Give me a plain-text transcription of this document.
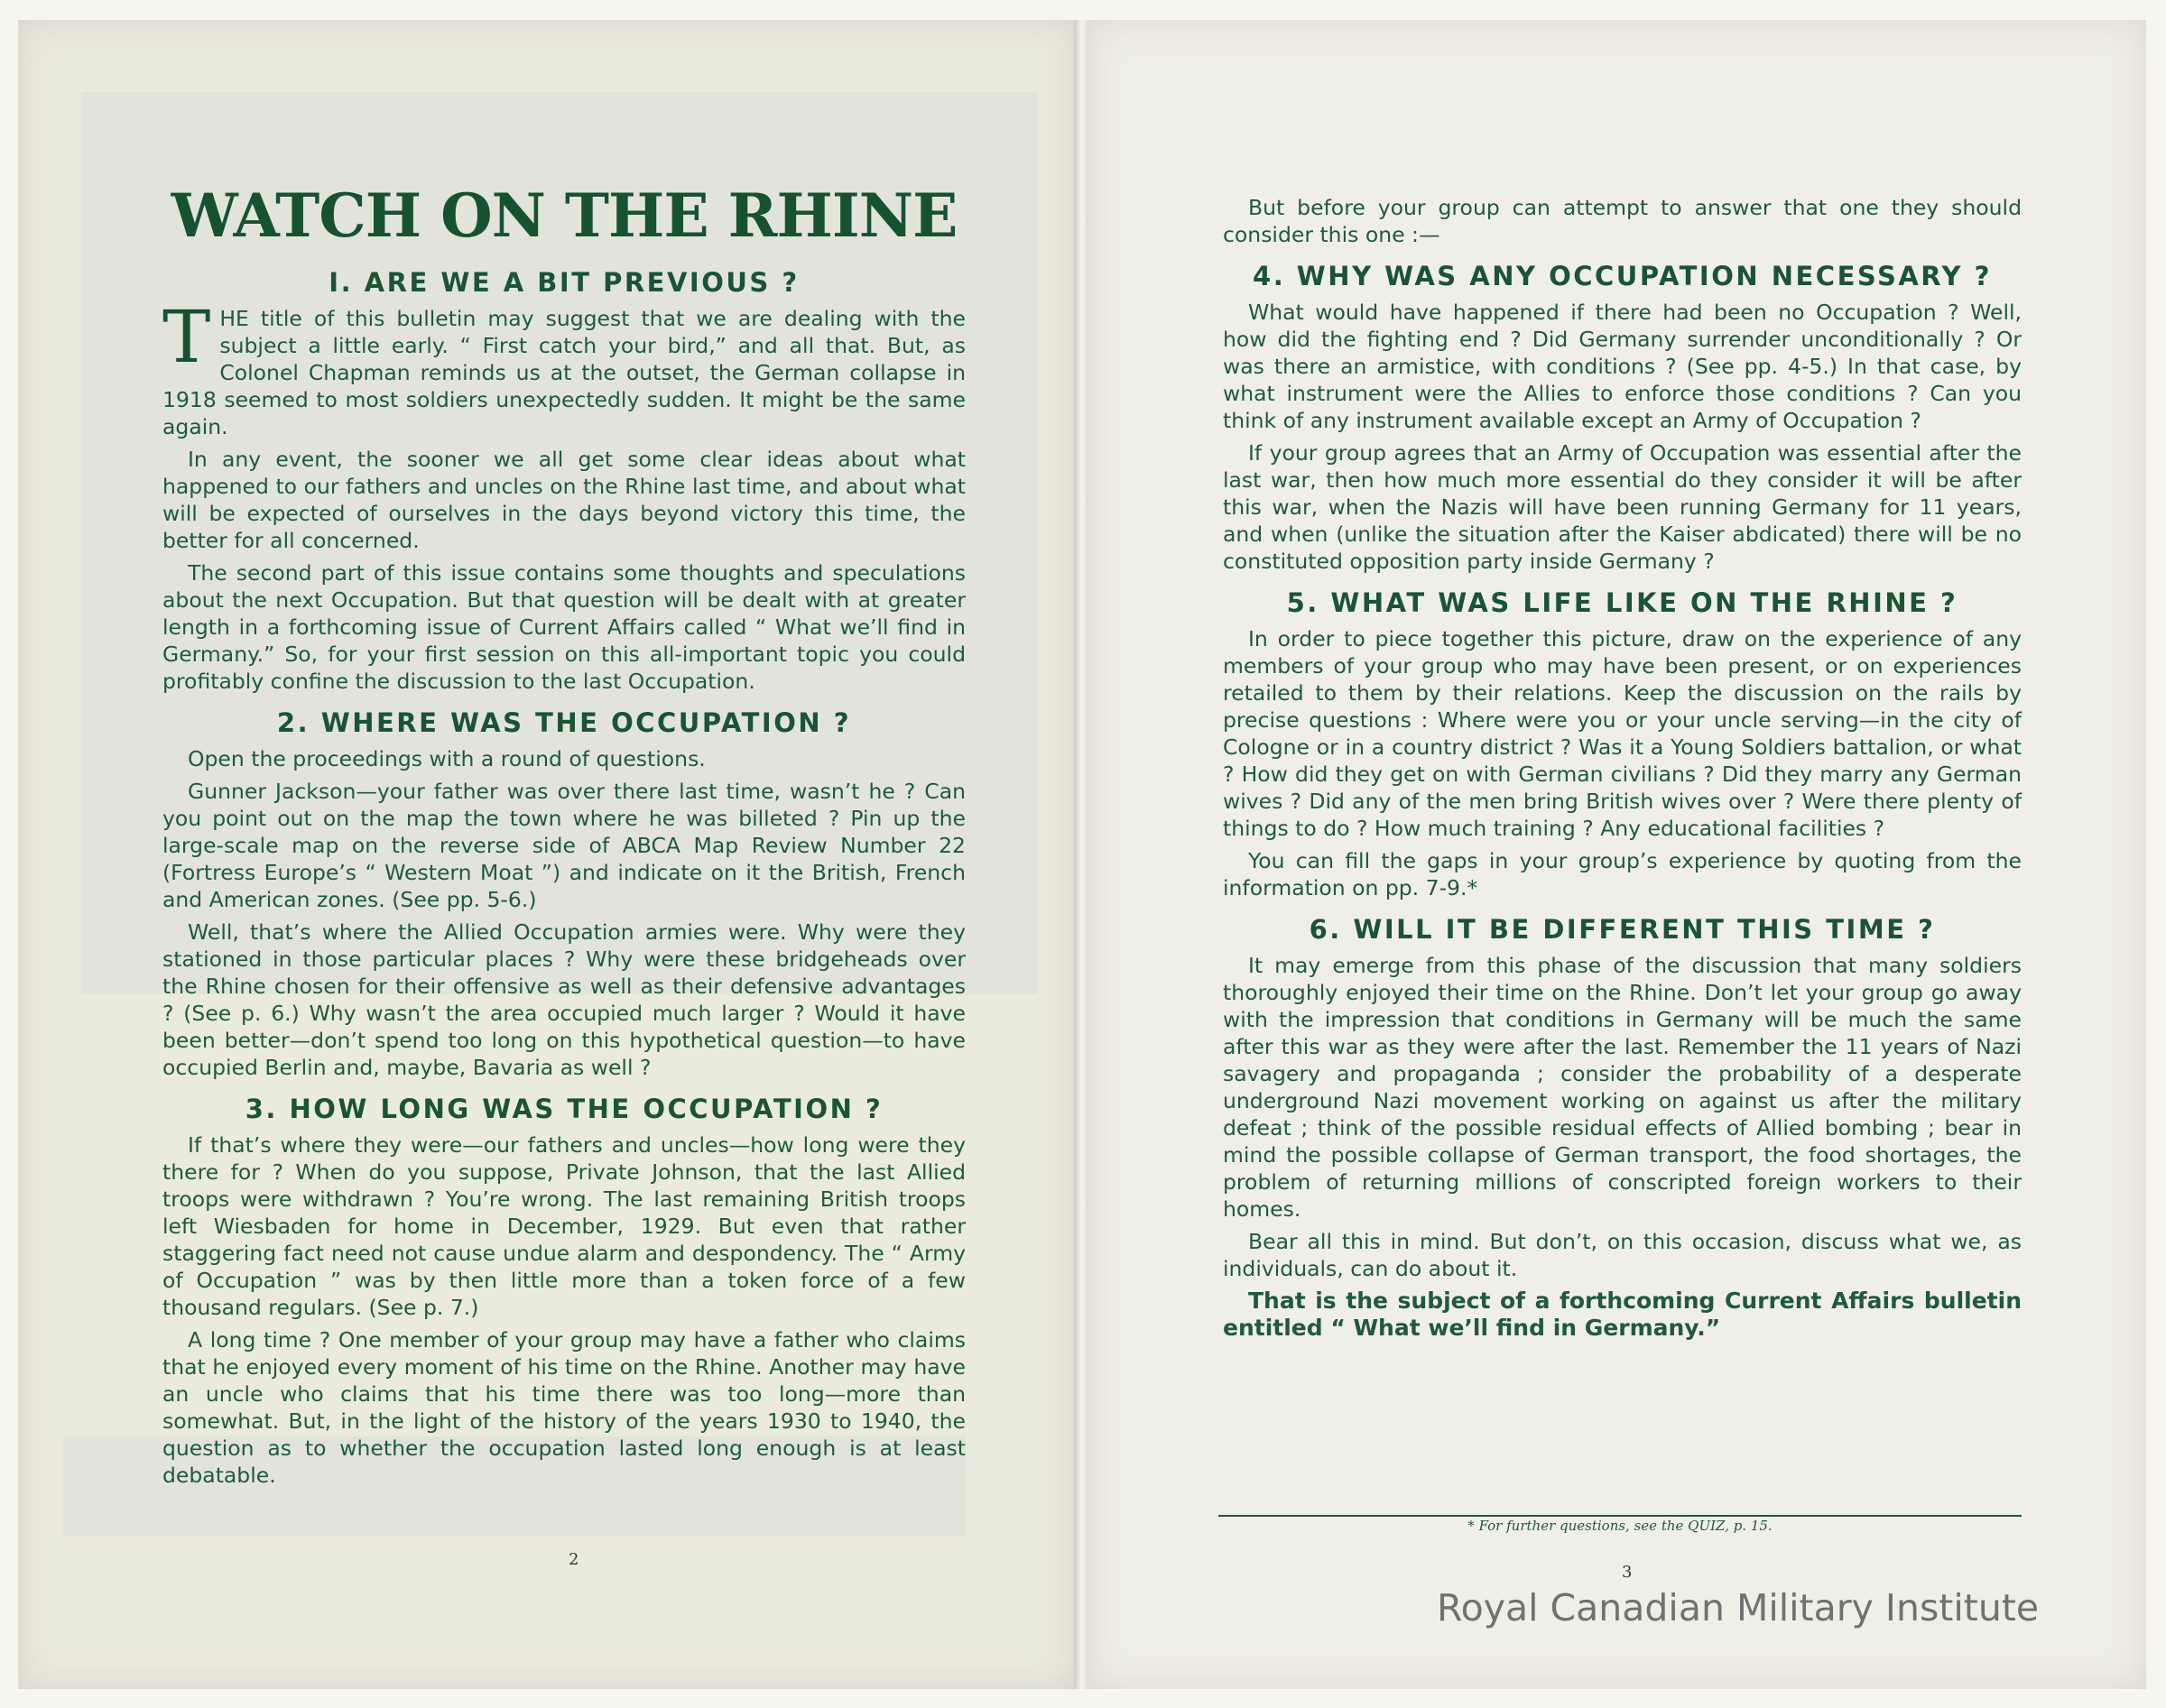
WATCH ON THE RHINE
I. ARE WE A BIT PREVIOUS ?

THE title of this bulletin may suggest that we are dealing with the subject a little early. “ First catch your bird,” and all that. But, as Colonel Chapman reminds us at the outset, the German collapse in 1918 seemed to most soldiers unexpectedly sudden. It might be the same again.

In any event, the sooner we all get some clear ideas about what happened to our fathers and uncles on the Rhine last time, and about what will be expected of ourselves in the days beyond victory this time, the better for all concerned.

The second part of this issue contains some thoughts and speculations about the next Occupation. But that question will be dealt with at greater length in a forthcoming issue of Current Affairs called “ What we’ll find in Germany.” So, for your first session on this all-important topic you could profitably confine the discussion to the last Occupation.

2. WHERE WAS THE OCCUPATION ?

Open the proceedings with a round of questions.

Gunner Jackson—your father was over there last time, wasn’t he ? Can you point out on the map the town where he was billeted ? Pin up the large-scale map on the reverse side of ABCA Map Review Number 22 (Fortress Europe’s “ Western Moat ”) and indicate on it the British, French and American zones. (See pp. 5-6.)

Well, that’s where the Allied Occupation armies were. Why were they stationed in those particular places ? Why were these bridgeheads over the Rhine chosen for their offensive as well as their defensive advantages ? (See p. 6.) Why wasn’t the area occupied much larger ? Would it have been better—don’t spend too long on this hypothetical question—to have occupied Berlin and, maybe, Bavaria as well ?

3. HOW LONG WAS THE OCCUPATION ?

If that’s where they were—our fathers and uncles—how long were they there for ? When do you suppose, Private Johnson, that the last Allied troops were withdrawn ? You’re wrong. The last remaining British troops left Wiesbaden for home in December, 1929. But even that rather staggering fact need not cause undue alarm and despondency. The “ Army of Occupation ” was by then little more than a token force of a few thousand regulars. (See p. 7.)

A long time ? One member of your group may have a father who claims that he enjoyed every moment of his time on the Rhine. Another may have an uncle who claims that his time there was too long—more than somewhat. But, in the light of the history of the years 1930 to 1940, the question as to whether the occupation lasted long enough is at least debatable.

2

But before your group can attempt to answer that one they should consider this one :—

4. WHY WAS ANY OCCUPATION NECESSARY ?

What would have happened if there had been no Occupation ? Well, how did the fighting end ? Did Germany surrender unconditionally ? Or was there an armistice, with conditions ? (See pp. 4-5.) In that case, by what instrument were the Allies to enforce those conditions ? Can you think of any instrument available except an Army of Occupation ?

If your group agrees that an Army of Occupation was essential after the last war, then how much more essential do they consider it will be after this war, when the Nazis will have been running Germany for 11 years, and when (unlike the situation after the Kaiser abdicated) there will be no constituted opposition party inside Germany ?

5. WHAT WAS LIFE LIKE ON THE RHINE ?

In order to piece together this picture, draw on the experience of any members of your group who may have been present, or on experiences retailed to them by their relations. Keep the discussion on the rails by precise questions : Where were you or your uncle serving—in the city of Cologne or in a country district ? Was it a Young Soldiers battalion, or what ? How did they get on with German civilians ? Did they marry any German wives ? Did any of the men bring British wives over ? Were there plenty of things to do ? How much training ? Any educational facilities ?

You can fill the gaps in your group’s experience by quoting from the information on pp. 7-9.*

6. WILL IT BE DIFFERENT THIS TIME ?

It may emerge from this phase of the discussion that many soldiers thoroughly enjoyed their time on the Rhine. Don’t let your group go away with the impression that conditions in Germany will be much the same after this war as they were after the last. Remember the 11 years of Nazi savagery and propaganda ; consider the probability of a desperate underground Nazi movement working on against us after the military defeat ; think of the possible residual effects of Allied bombing ; bear in mind the possible collapse of German transport, the food shortages, the problem of returning millions of conscripted foreign workers to their homes.

Bear all this in mind. But don’t, on this occasion, discuss what we, as individuals, can do about it.

That is the subject of a forthcoming Current Affairs bulletin entitled “ What we’ll find in Germany.”

* For further questions, see the QUIZ, p. 15.
3
Royal Canadian Military Institute
